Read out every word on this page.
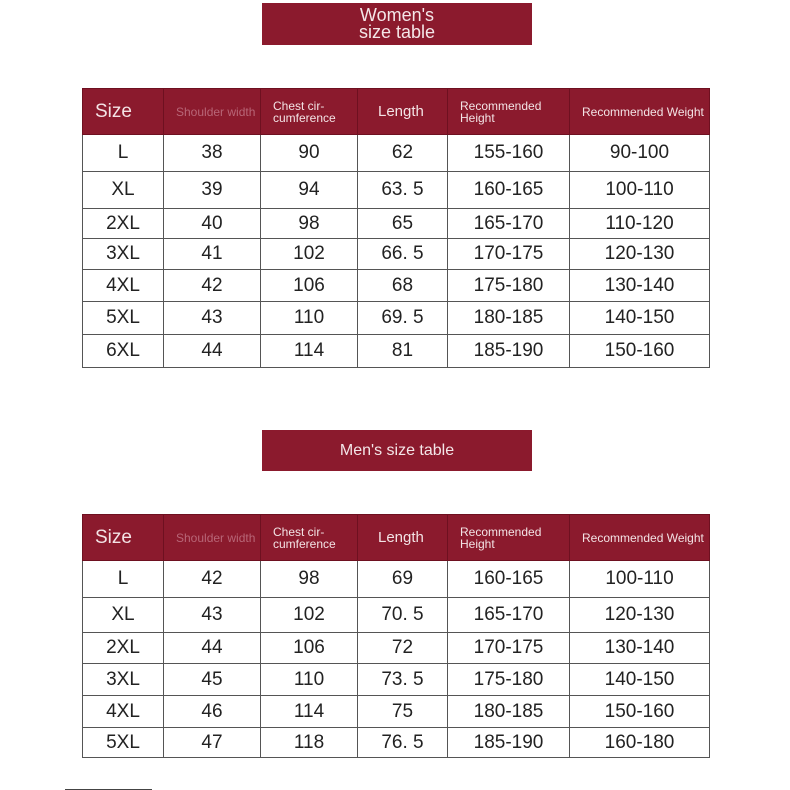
Women's
size table
Size	Shoulder width	Chest cir-cumference	Length	Recommended Height	Recommended Weight
L	38	90	62	155-160	90-100
XL	39	94	63. 5	160-165	100-110
2XL	40	98	65	165-170	110-120
3XL	41	102	66. 5	170-175	120-130
4XL	42	106	68	175-180	130-140
5XL	43	110	69. 5	180-185	140-150
6XL	44	114	81	185-190	150-160
Men's size table
Size	Shoulder width	Chest cir-cumference	Length	Recommended Height	Recommended Weight
L	42	98	69	160-165	100-110
XL	43	102	70. 5	165-170	120-130
2XL	44	106	72	170-175	130-140
3XL	45	110	73. 5	175-180	140-150
4XL	46	114	75	180-185	150-160
5XL	47	118	76. 5	185-190	160-180
